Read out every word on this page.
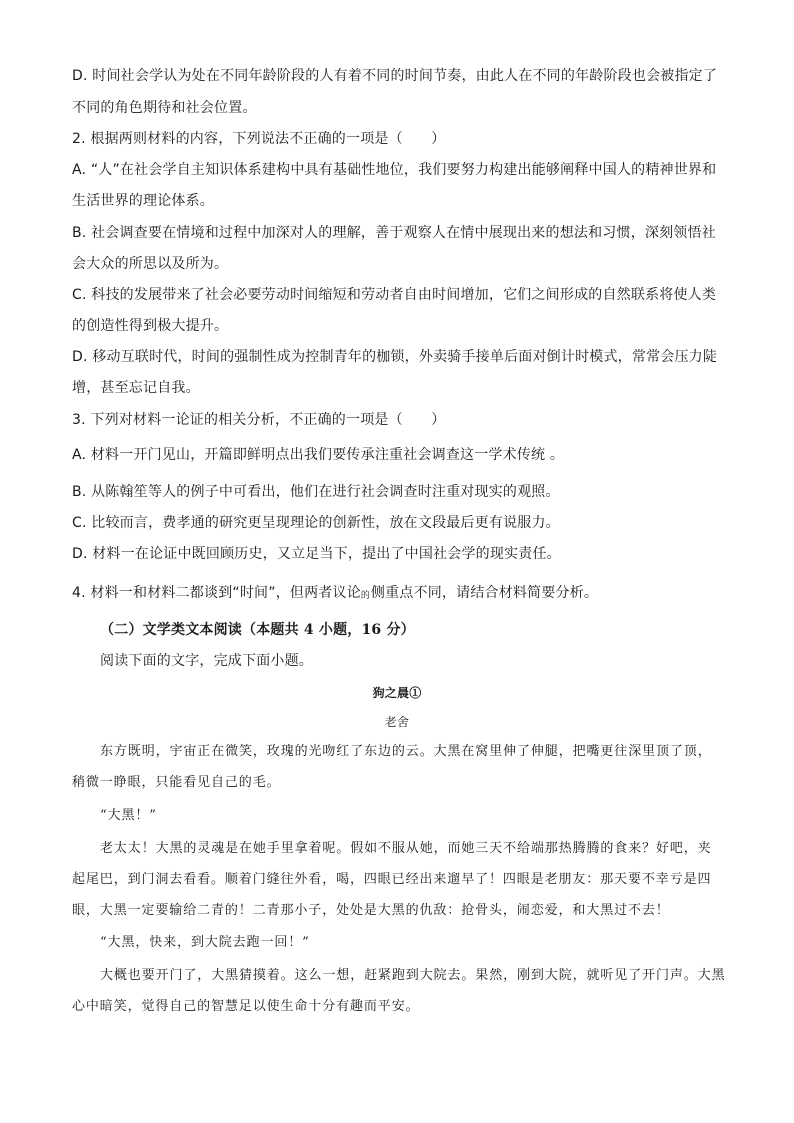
D. 时间社会学认为处在不同年龄阶段的人有着不同的时间节奏，由此人在不同的年龄阶段也会被指定了
不同的角色期待和社会位置。
2. 根据两则材料的内容，下列说法不正确的一项是（　　）
A. “人”在社会学自主知识体系建构中具有基础性地位，我们要努力构建出能够阐释中国人的精神世界和
生活世界的理论体系。
B. 社会调查要在情境和过程中加深对人的理解，善于观察人在情中展现出来的想法和习惯，深刻领悟社
会大众的所思以及所为。
C. 科技的发展带来了社会必要劳动时间缩短和劳动者自由时间增加，它们之间形成的自然联系将使人类
的创造性得到极大提升。
D. 移动互联时代，时间的强制性成为控制青年的枷锁，外卖骑手接单后面对倒计时模式，常常会压力陡
增，甚至忘记自我。
3. 下列对材料一论证的相关分析，不正确的一项是（　　）
A. 材料一开门见山，开篇即鲜明点出我们要传承注重社会调查这一学术传统 。
B. 从陈翰笙等人的例子中可看出，他们在进行社会调查时注重对现实的观照。
C. 比较而言，费孝通的研究更呈现理论的创新性，放在文段最后更有说服力。
D. 材料一在论证中既回顾历史，又立足当下，提出了中国社会学的现实责任。
4. 材料一和材料二都谈到“时间”，但两者议论 的 侧重点不同，请结合材料简要分析。
（二）文学类文本阅读（本题共 4 小题，16 分）
阅读下面的文字，完成下面小题。
狗之晨①
老舍
东方既明，宇宙正在微笑，玫瑰的光吻红了东边的云。大黑在窝里伸了伸腿，把嘴更往深里顶了顶，
稍微一睁眼，只能看见自己的毛。
“大黑！”
老太太！大黑的灵魂是在她手里拿着呢。假如不服从她，而她三天不给端那热腾腾的食来？好吧，夹
起尾巴，到门洞去看看。顺着门缝往外看，喝，四眼已经出来遛早了！四眼是老朋友：那天要不幸亏是四
眼，大黑一定要输给二青的！二青那小子，处处是大黑的仇敌：抢骨头，闹恋爱，和大黑过不去！
“大黑，快来，到大院去跑一回！”
大概也要开门了，大黑猜摸着。这么一想，赶紧跑到大院去。果然，刚到大院，就听见了开门声。大黑
心中暗笑，觉得自己的智慧足以使生命十分有趣而平安。
